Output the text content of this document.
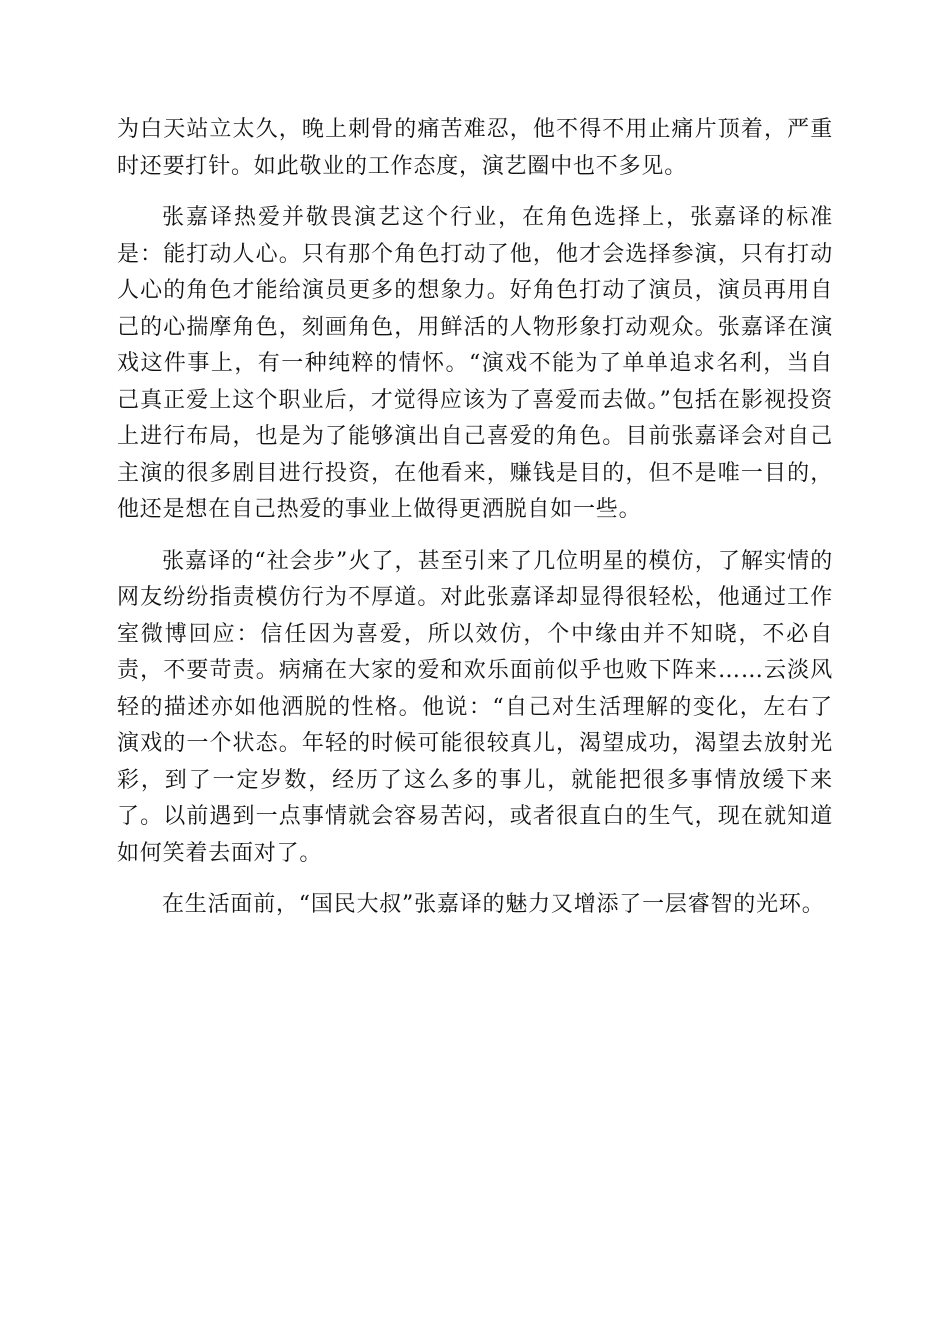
为白天站立太久，晚上刺骨的痛苦难忍，他不得不用止痛片顶着，严重时还要打针。如此敬业的工作态度，演艺圈中也不多见。

张嘉译热爱并敬畏演艺这个行业，在角色选择上，张嘉译的标准是：能打动人心。只有那个角色打动了他，他才会选择参演，只有打动人心的角色才能给演员更多的想象力。好角色打动了演员，演员再用自己的心揣摩角色，刻画角色，用鲜活的人物形象打动观众。张嘉译在演戏这件事上，有一种纯粹的情怀。“演戏不能为了单单追求名利，当自己真正爱上这个职业后，才觉得应该为了喜爱而去做。”包括在影视投资上进行布局，也是为了能够演出自己喜爱的角色。目前张嘉译会对自己主演的很多剧目进行投资，在他看来，赚钱是目的，但不是唯一目的，他还是想在自己热爱的事业上做得更洒脱自如一些。

张嘉译的“社会步”火了，甚至引来了几位明星的模仿，了解实情的网友纷纷指责模仿行为不厚道。对此张嘉译却显得很轻松，他通过工作室微博回应：信任因为喜爱，所以效仿，个中缘由并不知晓，不必自责，不要苛责。病痛在大家的爱和欢乐面前似乎也败下阵来……云淡风轻的描述亦如他洒脱的性格。他说：“自己对生活理解的变化，左右了演戏的一个状态。年轻的时候可能很较真儿，渴望成功，渴望去放射光彩，到了一定岁数，经历了这么多的事儿，就能把很多事情放缓下来了。以前遇到一点事情就会容易苦闷，或者很直白的生气，现在就知道如何笑着去面对了。

在生活面前，“国民大叔”张嘉译的魅力又增添了一层睿智的光环。
